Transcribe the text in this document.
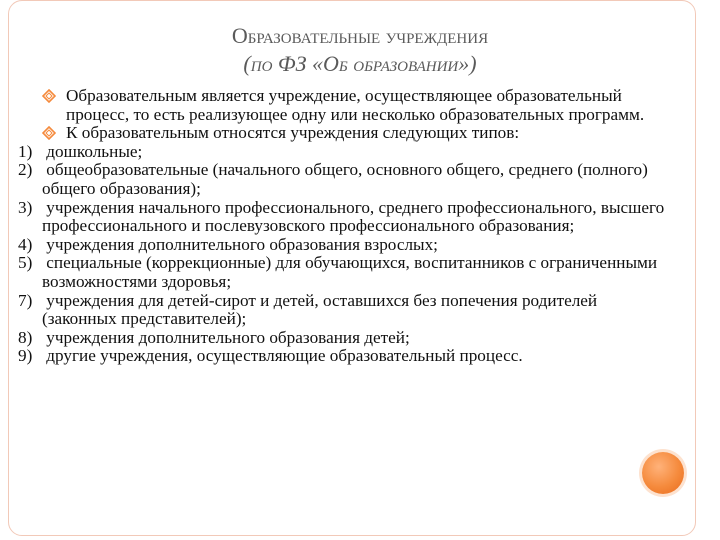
Образовательные учреждения
(по ФЗ «Об образовании»)
Образовательным является учреждение, осуществляющее образовательный процесс, то есть реализующее одну или несколько образовательных программ.
К образовательным относятся учреждения следующих типов:
1) дошкольные;
2) общеобразовательные (начального общего, основного общего, среднего (полного) общего образования);
3) учреждения начального профессионального, среднего профессионального, высшего профессионального и послевузовского профессионального образования;
4) учреждения дополнительного образования взрослых;
5) специальные (коррекционные) для обучающихся, воспитанников с ограниченными возможностями здоровья;
7) учреждения для детей-сирот и детей, оставшихся без попечения родителей (законных представителей);
8) учреждения дополнительного образования детей;
9) другие учреждения, осуществляющие образовательный процесс.
